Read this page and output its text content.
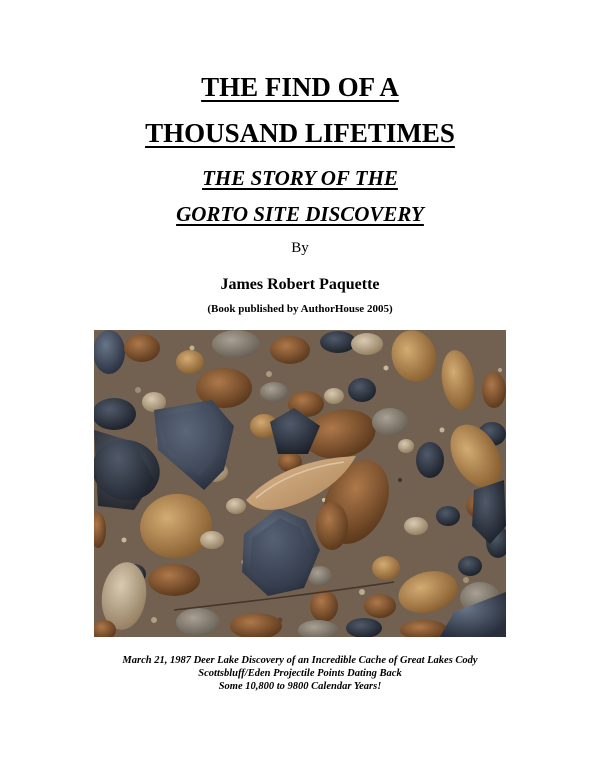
THE FIND OF A
THOUSAND LIFETIMES
THE STORY OF THE
GORTO SITE DISCOVERY
By
James Robert Paquette
(Book published by AuthorHouse 2005)
March 21, 1987 Deer Lake Discovery of an Incredible Cache of Great Lakes Cody
Scottsbluff/Eden Projectile Points Dating Back
Some 10,800 to 9800 Calendar Years!
